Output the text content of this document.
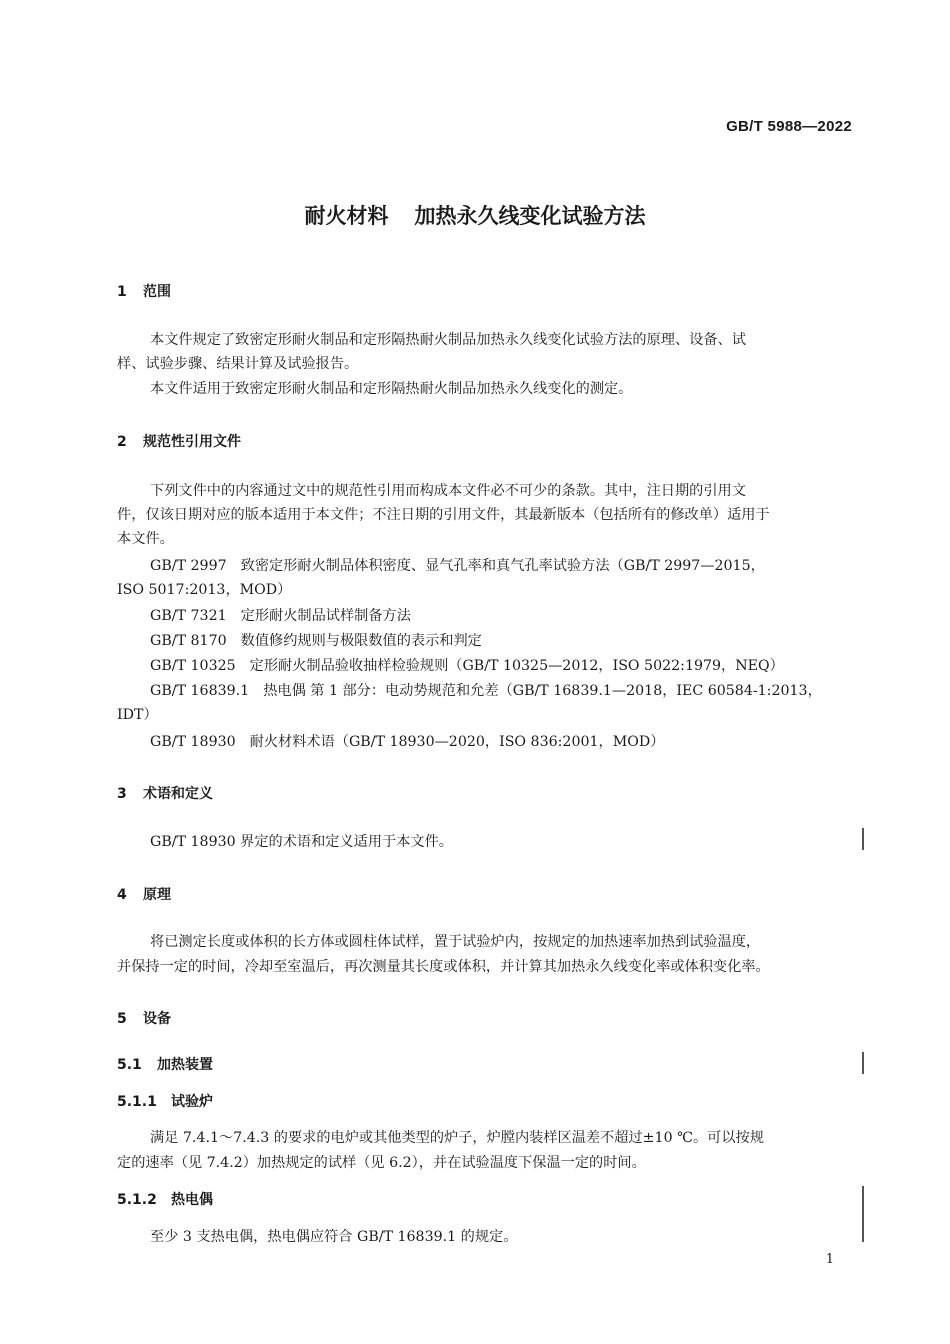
GB/T 5988—2022
耐火材料 加热永久线变化试验方法
1 范围
本文件规定了致密定形耐火制品和定形隔热耐火制品加热永久线变化试验方法的原理、设备、试
样、试验步骤、结果计算及试验报告。
本文件适用于致密定形耐火制品和定形隔热耐火制品加热永久线变化的测定。
2 规范性引用文件
下列文件中的内容通过文中的规范性引用而构成本文件必不可少的条款。其中，注日期的引用文
件，仅该日期对应的版本适用于本文件；不注日期的引用文件，其最新版本（包括所有的修改单）适用于
本文件。
GB/T 2997 致密定形耐火制品体积密度、显气孔率和真气孔率试验方法（GB/T 2997—2015，
ISO 5017:2013，MOD）
GB/T 7321 定形耐火制品试样制备方法
GB/T 8170 数值修约规则与极限数值的表示和判定
GB/T 10325 定形耐火制品验收抽样检验规则（GB/T 10325—2012，ISO 5022:1979，NEQ）
GB/T 16839.1 热电偶 第 1 部分：电动势规范和允差（GB/T 16839.1—2018，IEC 60584-1:2013，
IDT）
GB/T 18930 耐火材料术语（GB/T 18930—2020，ISO 836:2001，MOD）
3 术语和定义
GB/T 18930 界定的术语和定义适用于本文件。
4 原理
将已测定长度或体积的长方体或圆柱体试样，置于试验炉内，按规定的加热速率加热到试验温度，
并保持一定的时间，冷却至室温后，再次测量其长度或体积，并计算其加热永久线变化率或体积变化率。
5 设备
5.1 加热装置
5.1.1 试验炉
满足 7.4.1～7.4.3 的要求的电炉或其他类型的炉子，炉膛内装样区温差不超过±10 ℃。可以按规
定的速率（见 7.4.2）加热规定的试样（见 6.2），并在试验温度下保温一定的时间。
5.1.2 热电偶
至少 3 支热电偶，热电偶应符合 GB/T 16839.1 的规定。
1
